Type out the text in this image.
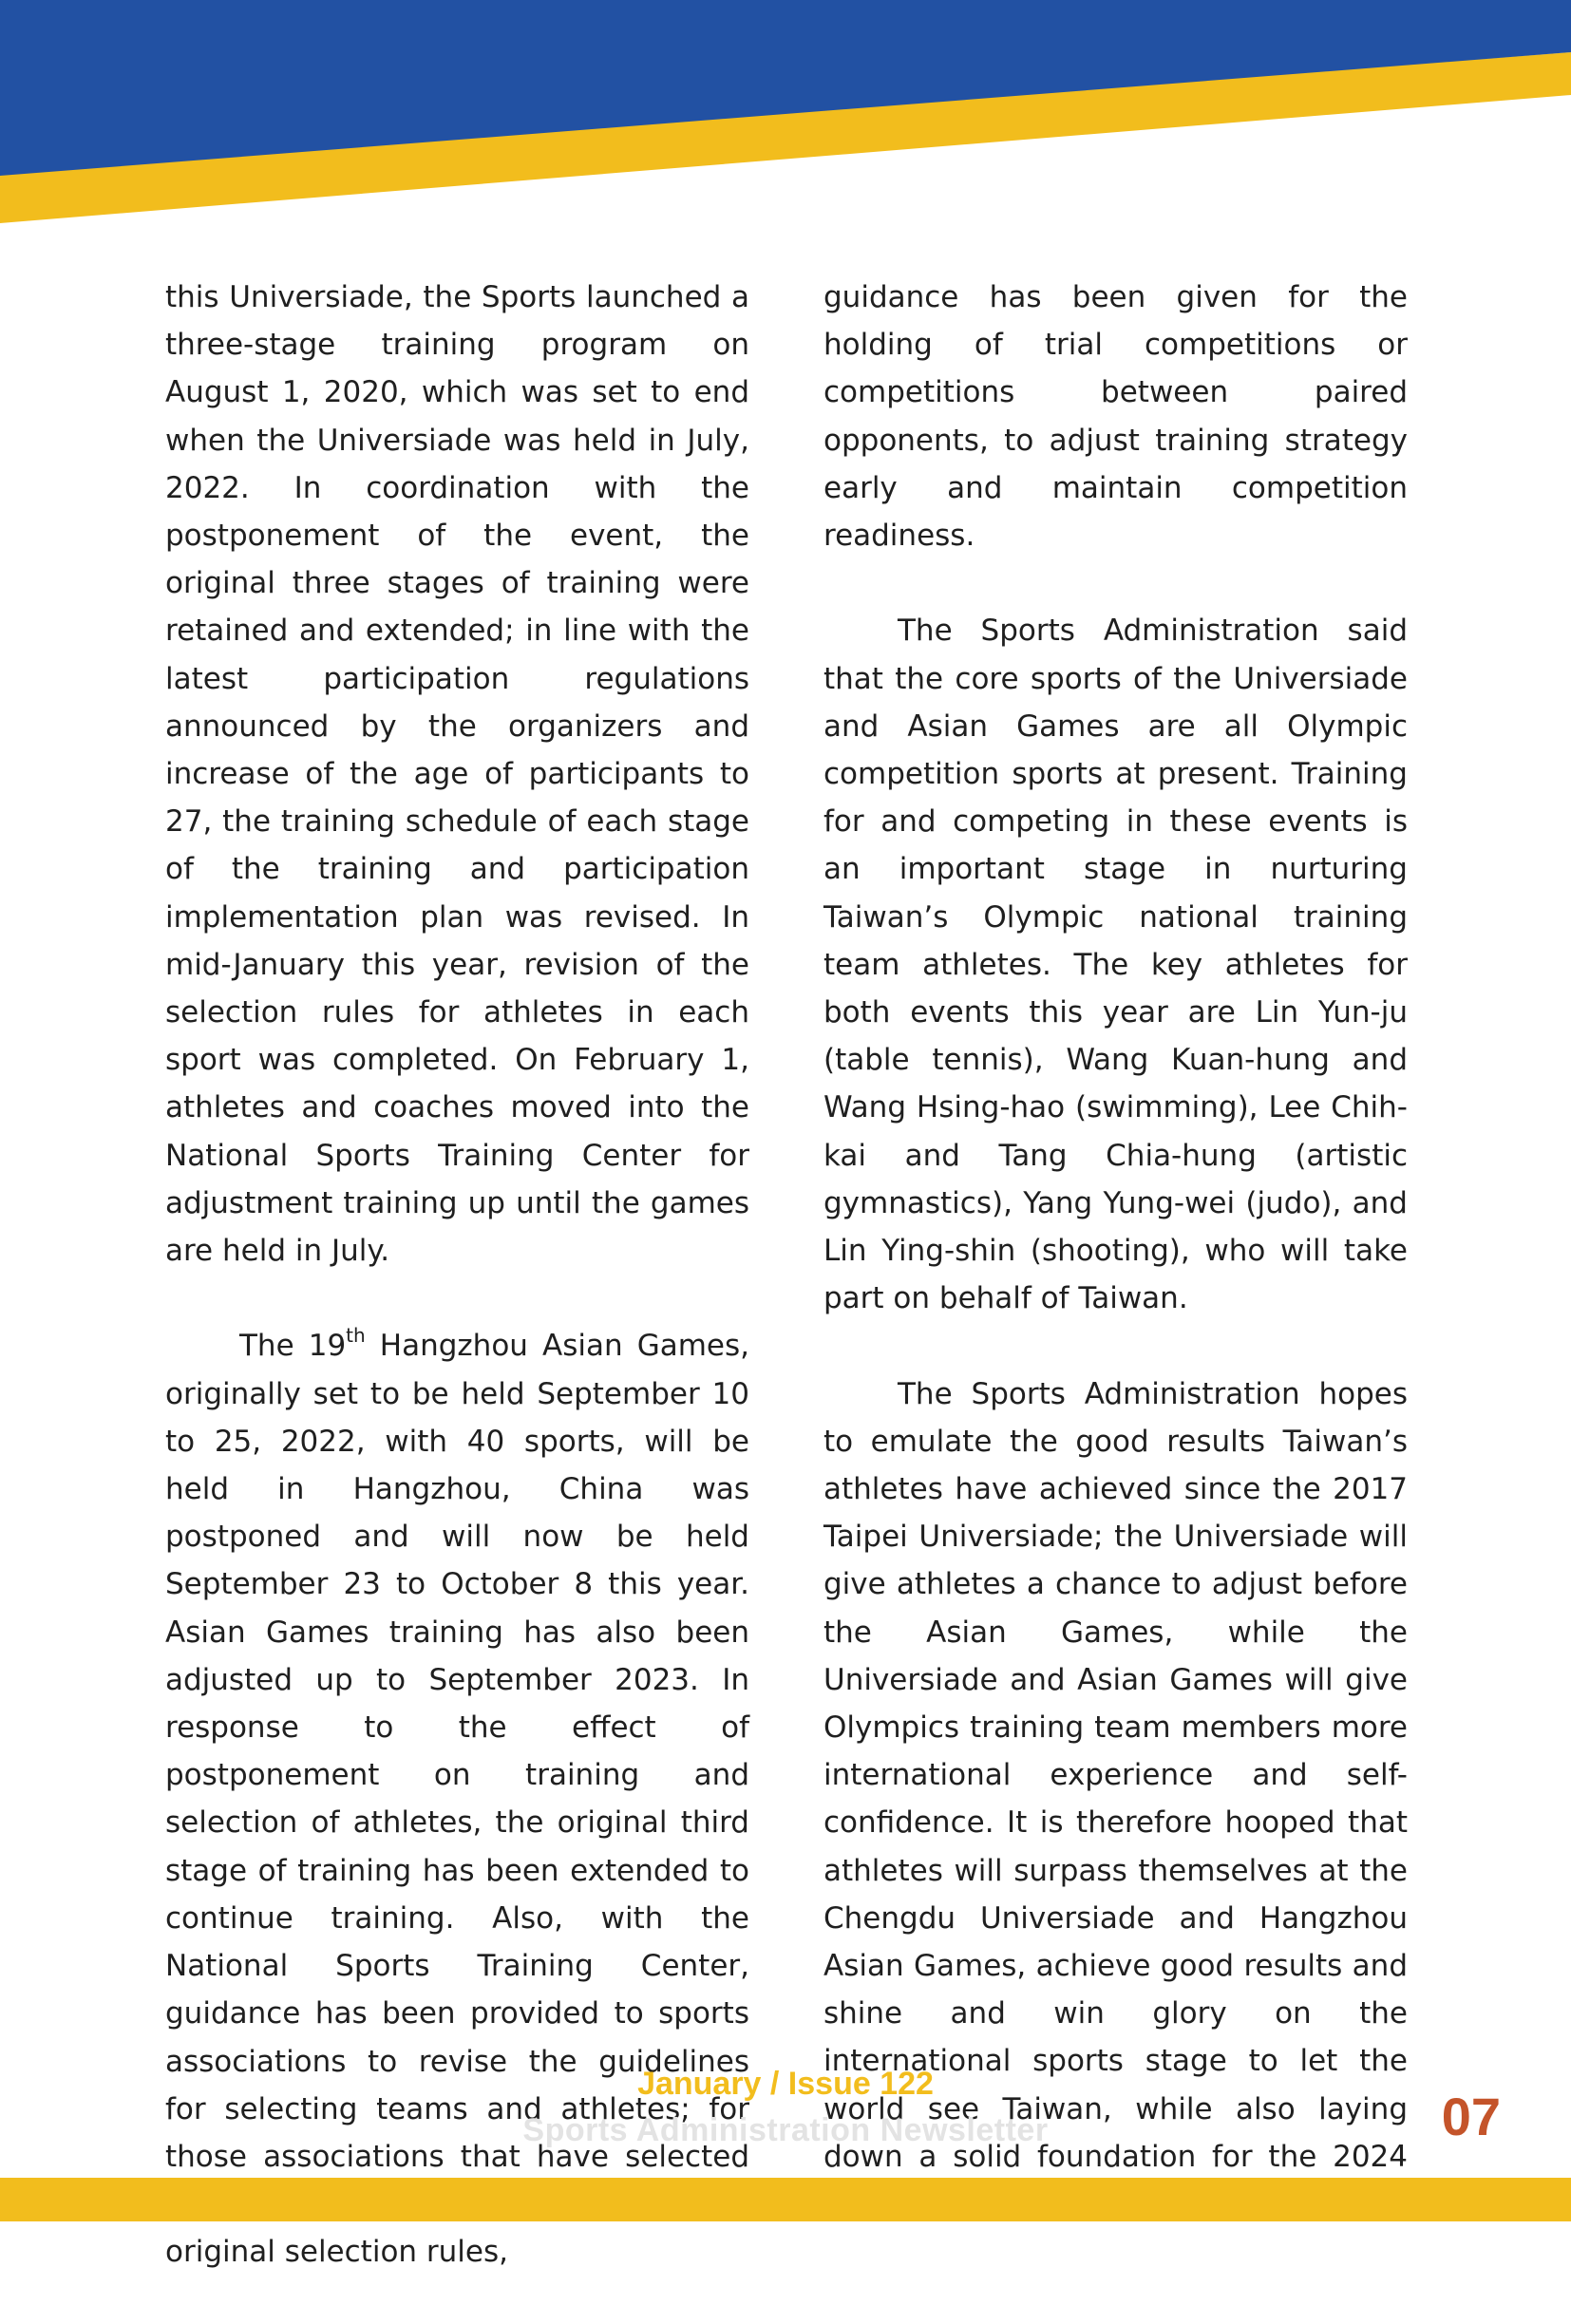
this Universiade, the Sports launched a three-stage training program on August 1, 2020, which was set to end when the Universiade was held in July, 2022. In coordination with the postponement of the event, the original three stages of training were retained and extended; in line with the latest participation regulations announced by the organizers and increase of the age of participants to 27, the training schedule of each stage of the training and participation implementation plan was revised. In mid-January this year, revision of the selection rules for athletes in each sport was completed. On February 1, athletes and coaches moved into the National Sports Training Center for adjustment training up until the games are held in July.

The 19th Hangzhou Asian Games, originally set to be held September 10 to 25, 2022, with 40 sports, will be held in Hangzhou, China was postponed and will now be held September 23 to October 8 this year. Asian Games training has also been adjusted up to September 2023. In response to the effect of postponement on training and selection of athletes, the original third stage of training has been extended to continue training. Also, with the National Sports Training Center, guidance has been provided to sports associations to revise the guidelines for selecting teams and athletes; for those associations that have selected original selection rules,

guidance has been given for the holding of trial competitions or competitions between paired opponents, to adjust training strategy early and maintain competition readiness.

The Sports Administration said that the core sports of the Universiade and Asian Games are all Olympic competition sports at present. Training for and competing in these events is an important stage in nurturing Taiwan’s Olympic national training team athletes. The key athletes for both events this year are Lin Yun-ju (table tennis), Wang Kuan-hung and Wang Hsing-hao (swimming), Lee Chih-kai and Tang Chia-hung (artistic gymnastics), Yang Yung-wei (judo), and Lin Ying-shin (shooting), who will take part on behalf of Taiwan.

The Sports Administration hopes to emulate the good results Taiwan’s athletes have achieved since the 2017 Taipei Universiade; the Universiade will give athletes a chance to adjust before the Asian Games, while the Universiade and Asian Games will give Olympics training team members more international experience and self-confidence. It is therefore hooped that athletes will surpass themselves at the Chengdu Universiade and Hangzhou Asian Games, achieve good results and shine and win glory on the international sports stage to let the world see Taiwan, while also laying down a solid foundation for the 2024

January / Issue 122
Sports Administration Newsletter	07
